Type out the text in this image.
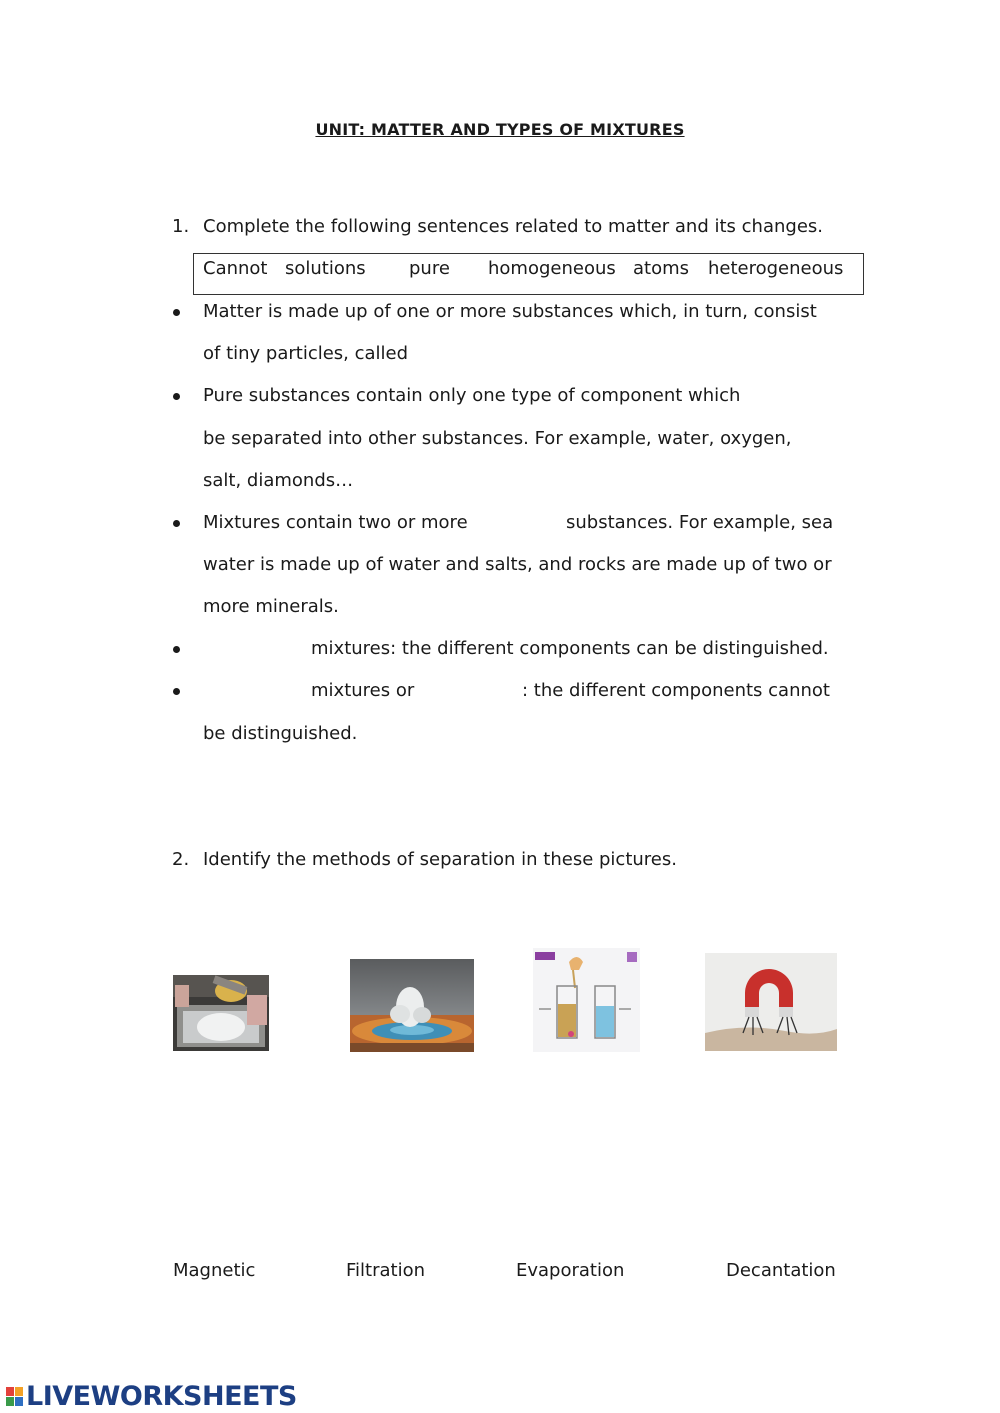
UNIT: MATTER AND TYPES OF MIXTURES
1. Complete the following sentences related to matter and its changes.
Cannot solutions pure homogeneous atoms heterogeneous
Matter is made up of one or more substances which, in turn, consist
of tiny particles, called
Pure substances contain only one type of component which
be separated into other substances. For example, water, oxygen,
salt, diamonds…
Mixtures contain two or more	substances. For example, sea
water is made up of water and salts, and rocks are made up of two or
more minerals.
mixtures: the different components can be distinguished.
mixtures or	: the different components cannot
be distinguished.
2. Identify the methods of separation in these pictures.
Magnetic	Filtration	Evaporation	Decantation
LIVEWORKSHEETS
